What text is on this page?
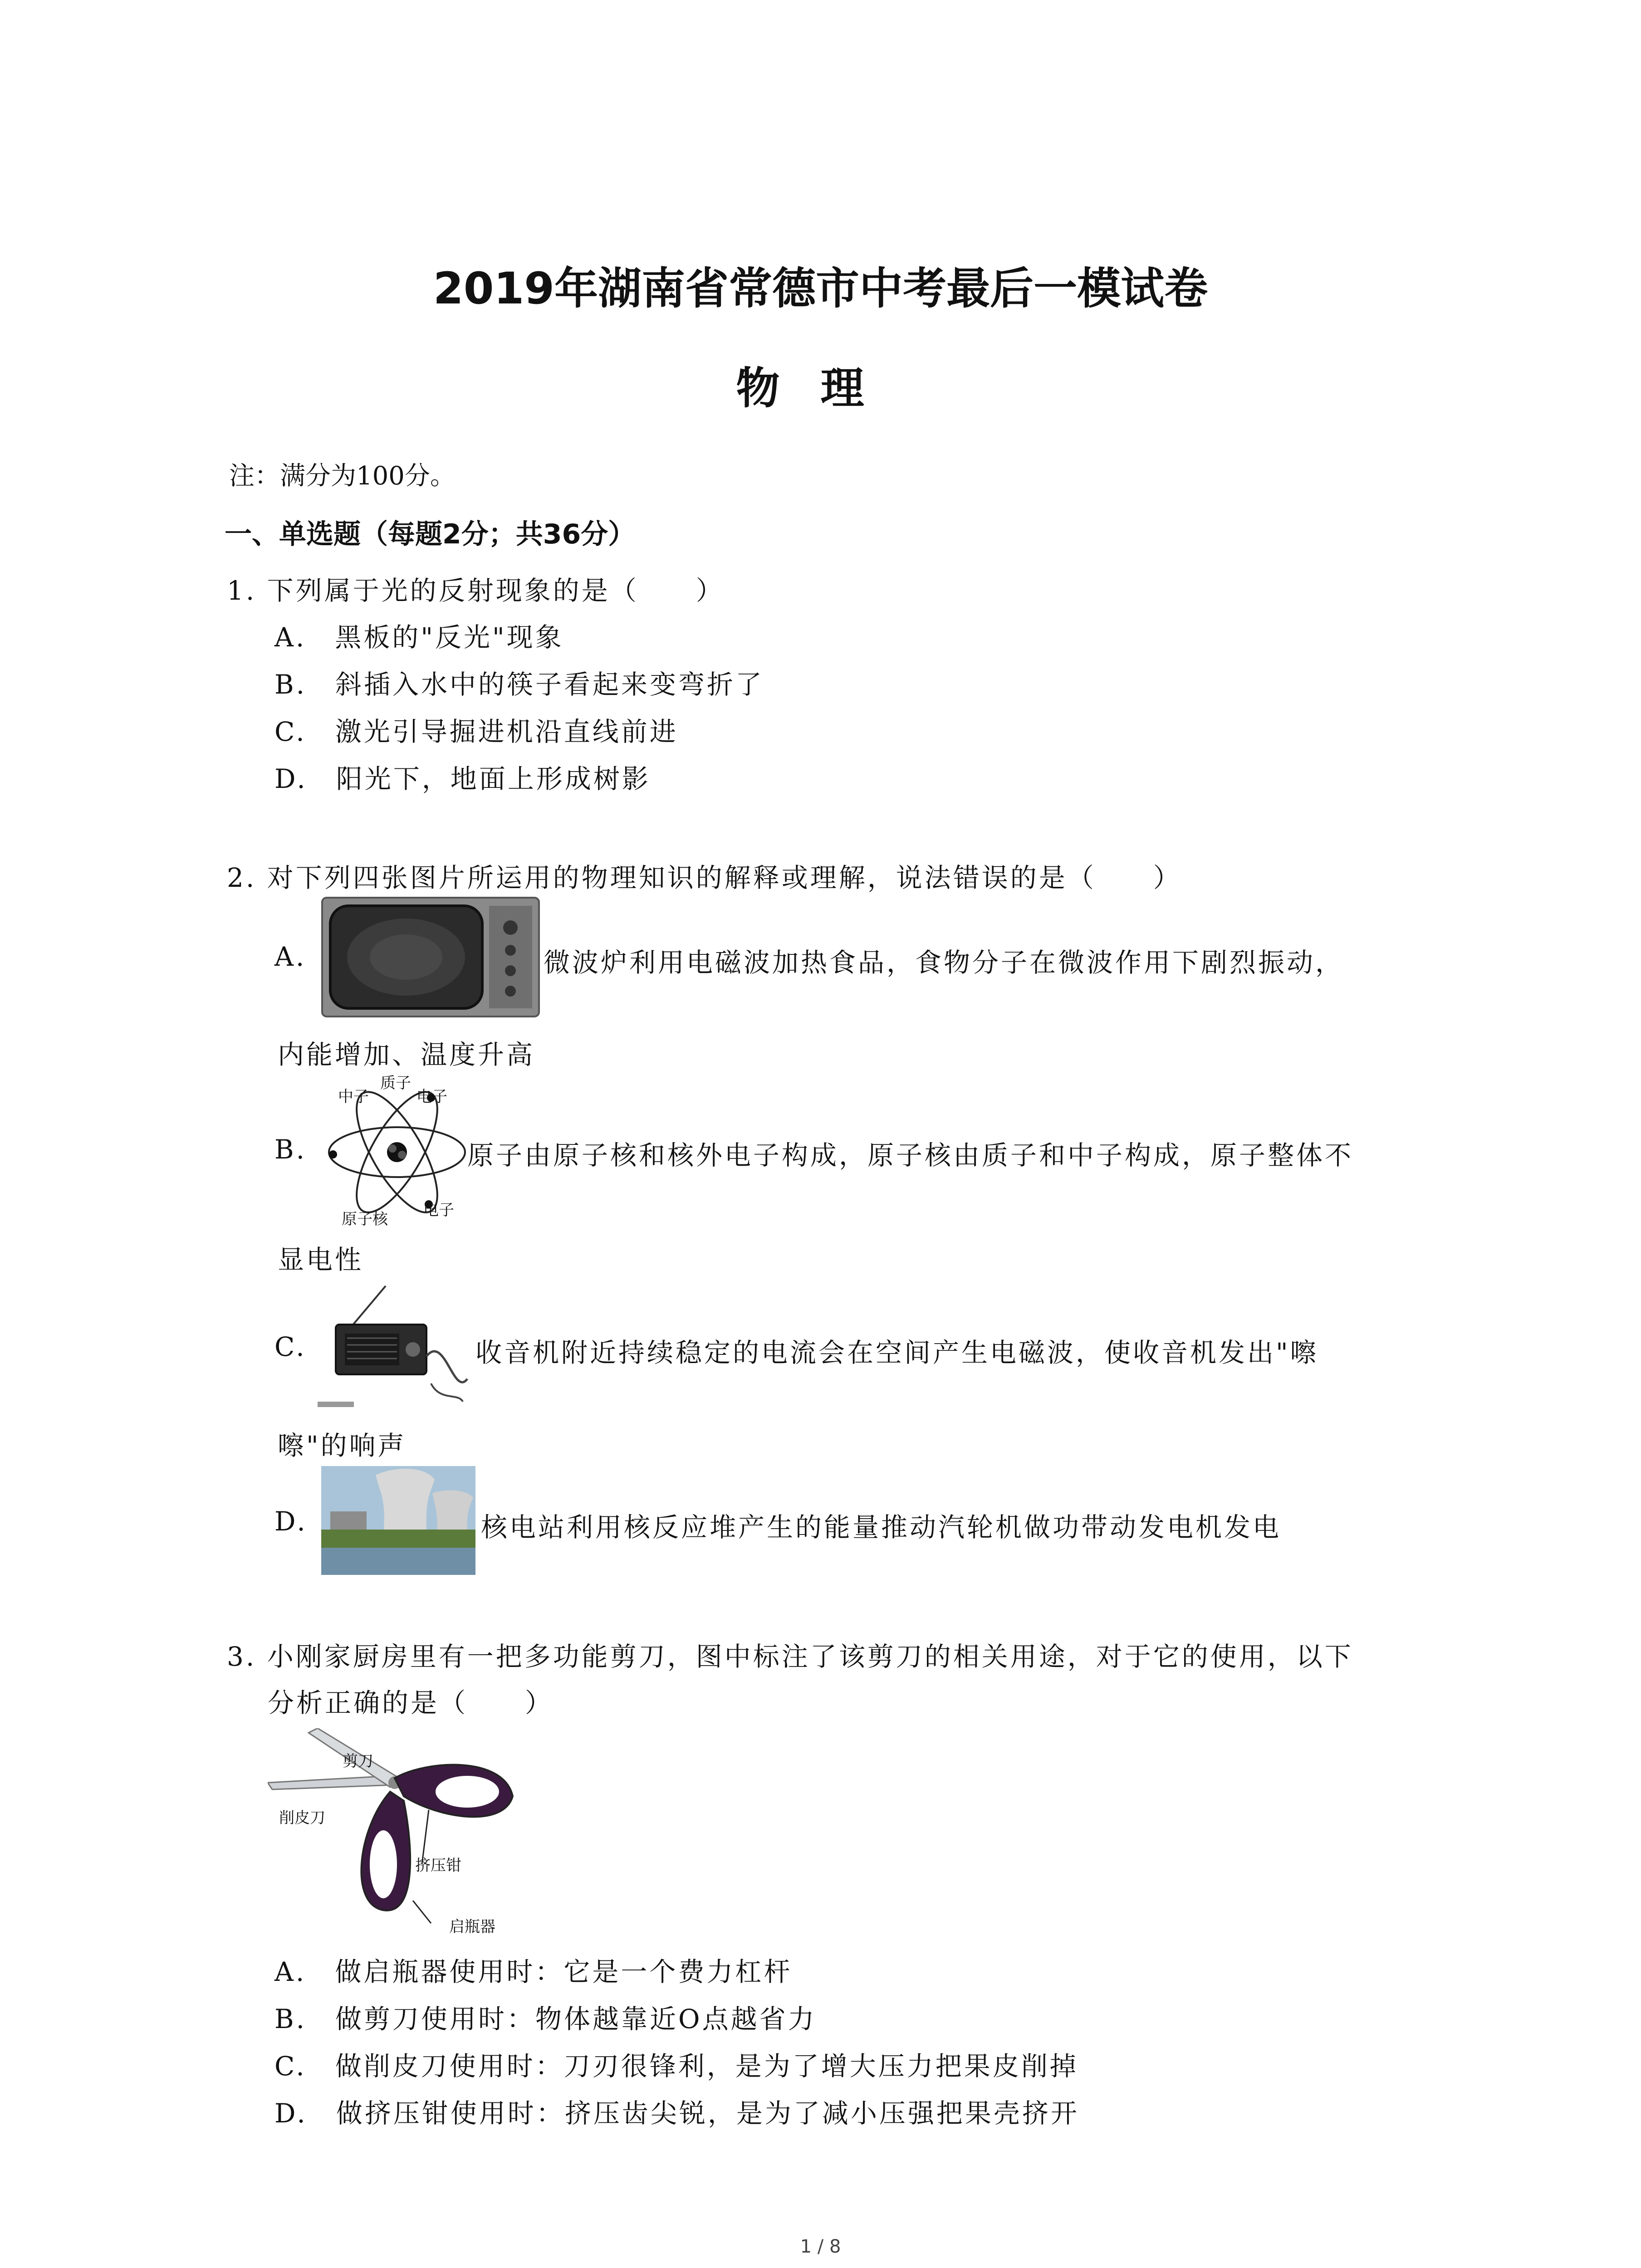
2019年湖南省常德市中考最后一模试卷
物理
注：满分为100分。
一、单选题（每题2分；共36分）
1. 下列属于光的反射现象的是（　　）
A.　黑板的"反光"现象
B.　斜插入水中的筷子看起来变弯折了
C.　激光引导掘进机沿直线前进
D.　阳光下，地面上形成树影
2. 对下列四张图片所运用的物理知识的解释或理解，说法错误的是（　　）
A.	微波炉利用电磁波加热食品，食物分子在微波作用下剧烈振动，
内能增加、温度升高
B.
质子
中子	电子
原子核 电子
原子由原子核和核外电子构成，原子核由质子和中子构成，原子整体不
显电性
C.	收音机附近持续稳定的电流会在空间产生电磁波，使收音机发出"嚓
嚓"的响声
D.	核电站利用核反应堆产生的能量推动汽轮机做功带动发电机发电
3. 小刚家厨房里有一把多功能剪刀，图中标注了该剪刀的相关用途，对于它的使用，以下
分析正确的是（　　）
剪刀
削皮刀
挤压钳
启瓶器
A.　做启瓶器使用时：它是一个费力杠杆
B.　做剪刀使用时：物体越靠近O点越省力
C.　做削皮刀使用时：刀刃很锋利，是为了增大压力把果皮削掉
D.　做挤压钳使用时：挤压齿尖锐，是为了减小压强把果壳挤开
1 / 8
